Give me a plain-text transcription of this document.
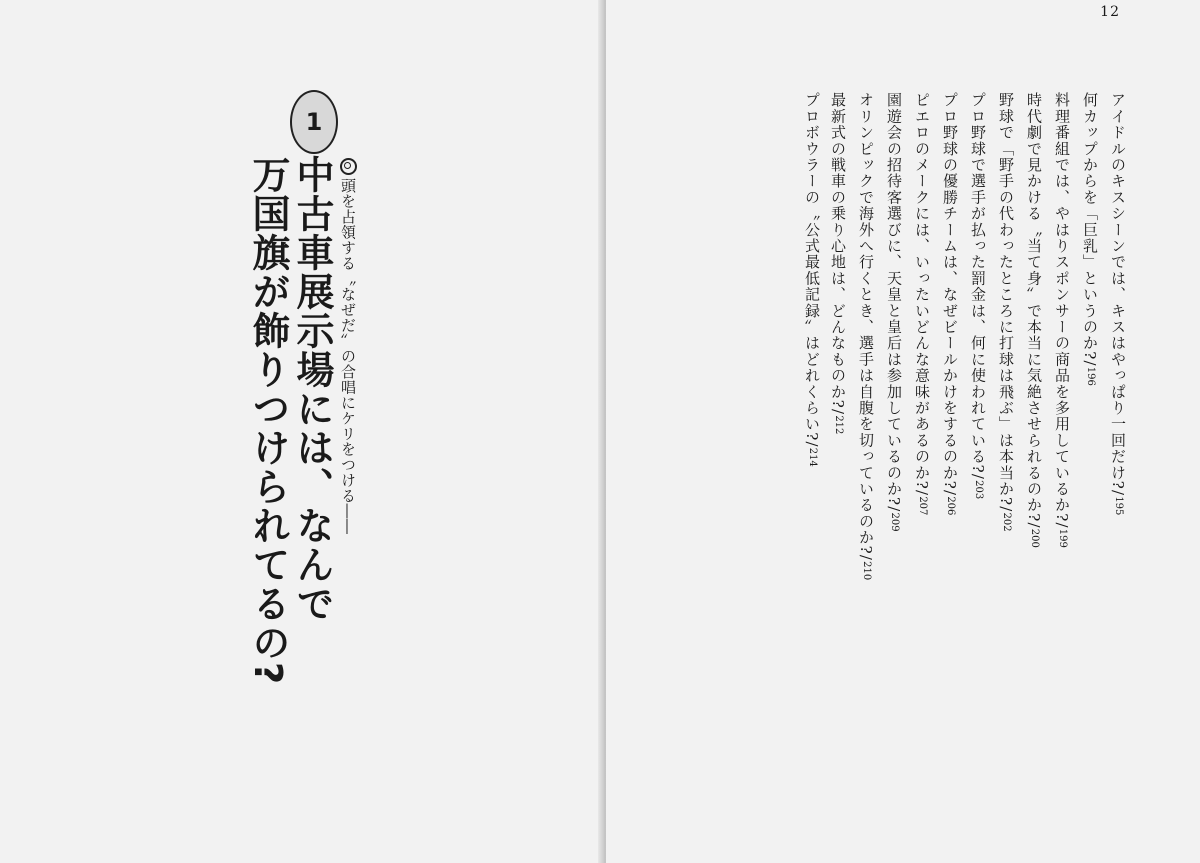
1
頭を占領する〝なぜだ〟の合唱にケリをつける――
中古車展示場には、なんで
万国旗が飾りつけられてるの?
12
アイドルのキスシーンでは、キスはやっぱり一回だけ?/195
何カップからを「巨乳」というのか?/196
料理番組では、やはりスポンサーの商品を多用しているか?/199
時代劇で見かける〝当て身〟で本当に気絶させられるのか?/200
野球で「野手の代わったところに打球は飛ぶ」は本当か?/202
プロ野球で選手が払った罰金は、何に使われている?/203
プロ野球の優勝チームは、なぜビールかけをするのか?/206
ピエロのメークには、いったいどんな意味があるのか?/207
園遊会の招待客選びに、天皇と皇后は参加しているのか?/209
オリンピックで海外へ行くとき、選手は自腹を切っているのか?/210
最新式の戦車の乗り心地は、どんなものか?/212
プロボウラーの〝公式最低記録〟はどれくらい?/214
